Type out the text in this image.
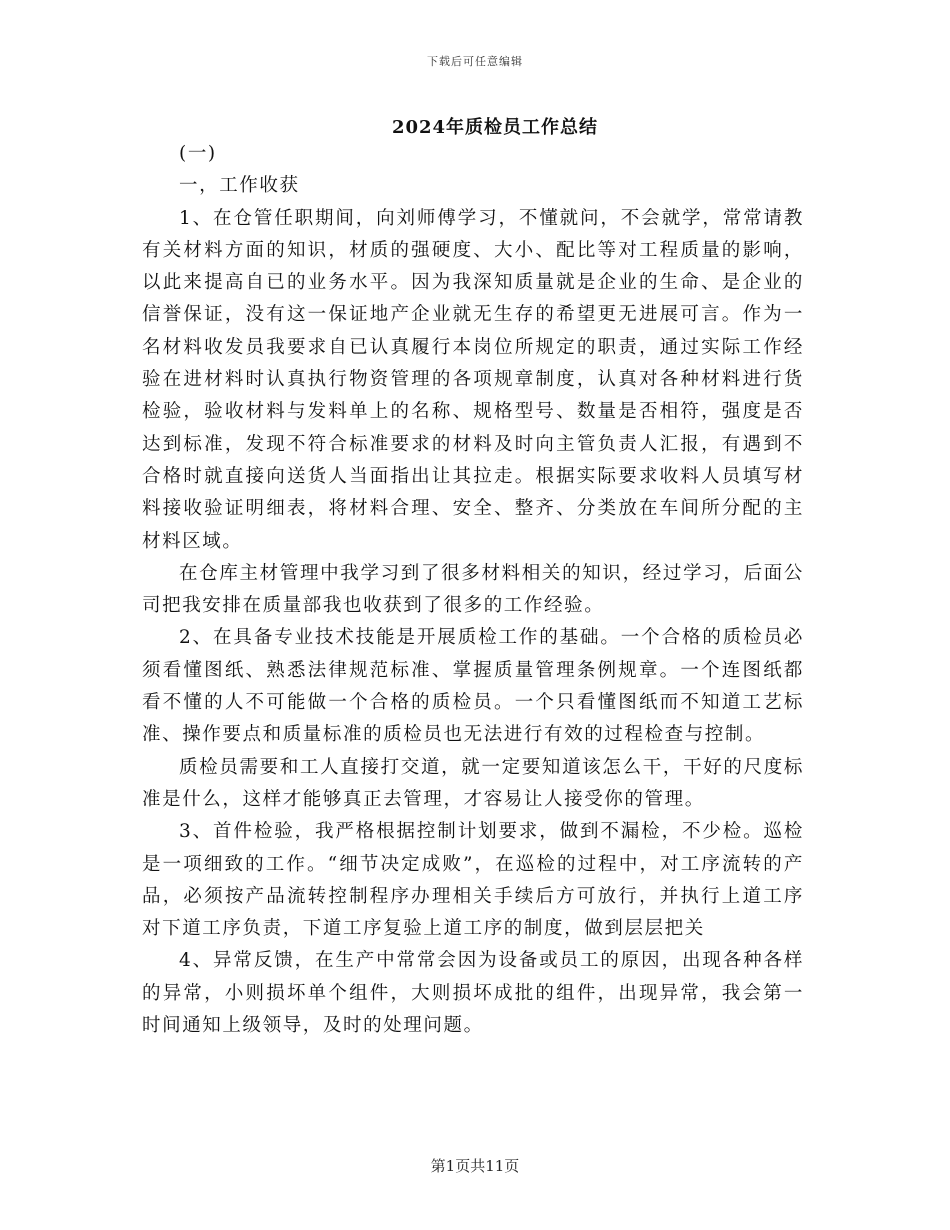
下载后可任意编辑
2024年质检员工作总结

(一)

一，工作收获

1、在仓管任职期间，向刘师傅学习，不懂就问，不会就学，常常请教有关材料方面的知识，材质的强硬度、大小、配比等对工程质量的影响，以此来提高自已的业务水平。因为我深知质量就是企业的生命、是企业的信誉保证，没有这一保证地产企业就无生存的希望更无进展可言。作为一名材料收发员我要求自已认真履行本岗位所规定的职责，通过实际工作经验在进材料时认真执行物资管理的各项规章制度，认真对各种材料进行货检验，验收材料与发料单上的名称、规格型号、数量是否相符，强度是否达到标准，发现不符合标准要求的材料及时向主管负责人汇报，有遇到不合格时就直接向送货人当面指出让其拉走。根据实际要求收料人员填写材料接收验证明细表，将材料合理、安全、整齐、分类放在车间所分配的主材料区域。

在仓库主材管理中我学习到了很多材料相关的知识，经过学习，后面公司把我安排在质量部我也收获到了很多的工作经验。

2、在具备专业技术技能是开展质检工作的基础。一个合格的质检员必须看懂图纸、熟悉法律规范标准、掌握质量管理条例规章。一个连图纸都看不懂的人不可能做一个合格的质检员。一个只看懂图纸而不知道工艺标准、操作要点和质量标准的质检员也无法进行有效的过程检查与控制。

质检员需要和工人直接打交道，就一定要知道该怎么干，干好的尺度标准是什么，这样才能够真正去管理，才容易让人接受你的管理。

3、首件检验，我严格根据控制计划要求，做到不漏检，不少检。巡检是一项细致的工作。“细节决定成败”，在巡检的过程中，对工序流转的产品，必须按产品流转控制程序办理相关手续后方可放行，并执行上道工序对下道工序负责，下道工序复验上道工序的制度，做到层层把关

4、异常反馈，在生产中常常会因为设备或员工的原因，出现各种各样的异常，小则损坏单个组件，大则损坏成批的组件，出现异常，我会第一时间通知上级领导，及时的处理问题。

第1页共11页
